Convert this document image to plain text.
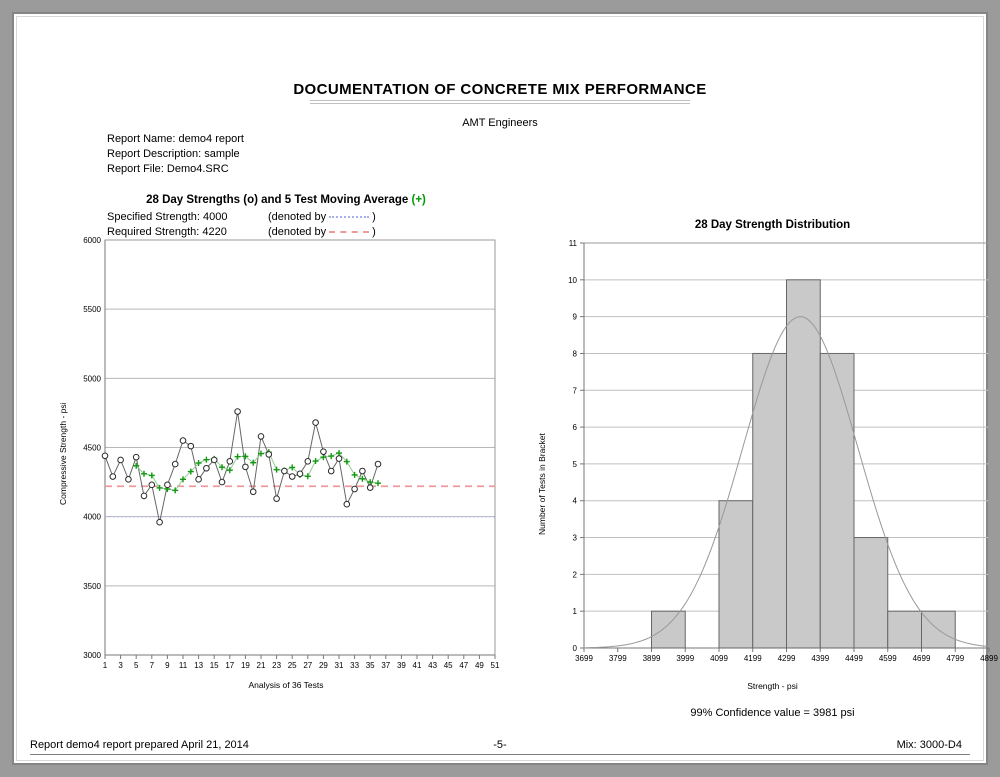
DOCUMENTATION OF CONCRETE MIX PERFORMANCE
AMT Engineers
Report Name: demo4 report
Report Description: sample
Report File: Demo4.SRC
28 Day Strengths (o) and 5 Test Moving Average (+)
Specified Strength: 4000	(denoted by	)
Required Strength: 4220	(denoted by	)
Compressive Strength - psi
3000
3500
4000
4500
5000
5500
6000
1 3 5 7 9 11 13 15 17 19 21 23 25 27 29 31 33 35 37 39 41 43 45 47 49 51
Analysis of 36 Tests
28 Day Strength Distribution
Number of Tests in Bracket
0
1
2
3
4
5
6
7
8
9
10
11
3699 3799 3899 3999 4099 4199 4299 4399 4499 4599 4699 4799 4899
Strength - psi
99% Confidence value = 3981 psi
Report demo4 report prepared April 21, 2014	-5-	Mix: 3000-D4
